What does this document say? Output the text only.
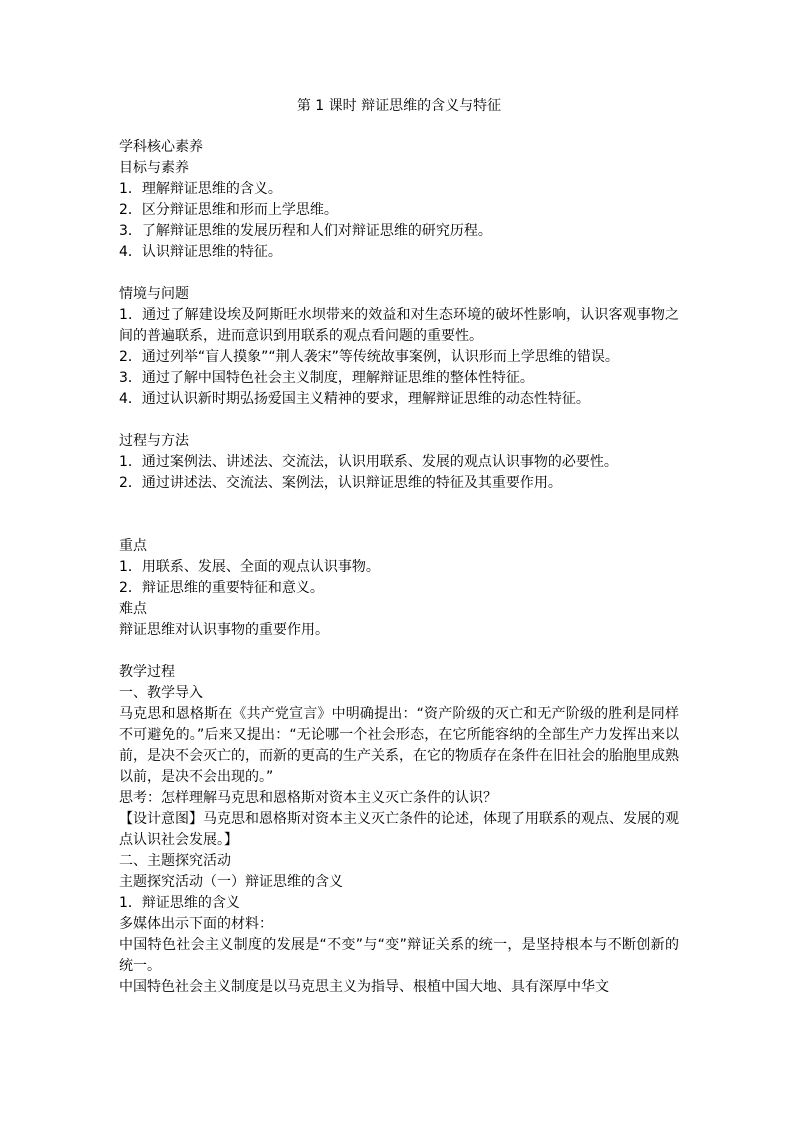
第 1 课时 辩证思维的含义与特征

学科核心素养

目标与素养

1．理解辩证思维的含义。

2．区分辩证思维和形而上学思维。

3．了解辩证思维的发展历程和人们对辩证思维的研究历程。

4．认识辩证思维的特征。

情境与问题

1．通过了解建设埃及阿斯旺水坝带来的效益和对生态环境的破坏性影响，认识客观事物之间的普遍联系，进而意识到用联系的观点看问题的重要性。

2．通过列举“盲人摸象”“荆人袭宋”等传统故事案例，认识形而上学思维的错误。

3．通过了解中国特色社会主义制度，理解辩证思维的整体性特征。

4．通过认识新时期弘扬爱国主义精神的要求，理解辩证思维的动态性特征。

过程与方法

1．通过案例法、讲述法、交流法，认识用联系、发展的观点认识事物的必要性。

2．通过讲述法、交流法、案例法，认识辩证思维的特征及其重要作用。

重点

1．用联系、发展、全面的观点认识事物。

2．辩证思维的重要特征和意义。

难点

辩证思维对认识事物的重要作用。

教学过程

一、教学导入

马克思和恩格斯在《共产党宣言》中明确提出：“资产阶级的灭亡和无产阶级的胜利是同样不可避免的。”后来又提出：“无论哪一个社会形态，在它所能容纳的全部生产力发挥出来以前，是决不会灭亡的，而新的更高的生产关系，在它的物质存在条件在旧社会的胎胞里成熟以前，是决不会出现的。”

思考：怎样理解马克思和恩格斯对资本主义灭亡条件的认识？

【设计意图】马克思和恩格斯对资本主义灭亡条件的论述，体现了用联系的观点、发展的观点认识社会发展。】

二、主题探究活动

主题探究活动（一）辩证思维的含义

1．辩证思维的含义

多媒体出示下面的材料：

中国特色社会主义制度的发展是“不变”与“变”辩证关系的统一，是坚持根本与不断创新的统一。

中国特色社会主义制度是以马克思主义为指导、根植中国大地、具有深厚中华文
